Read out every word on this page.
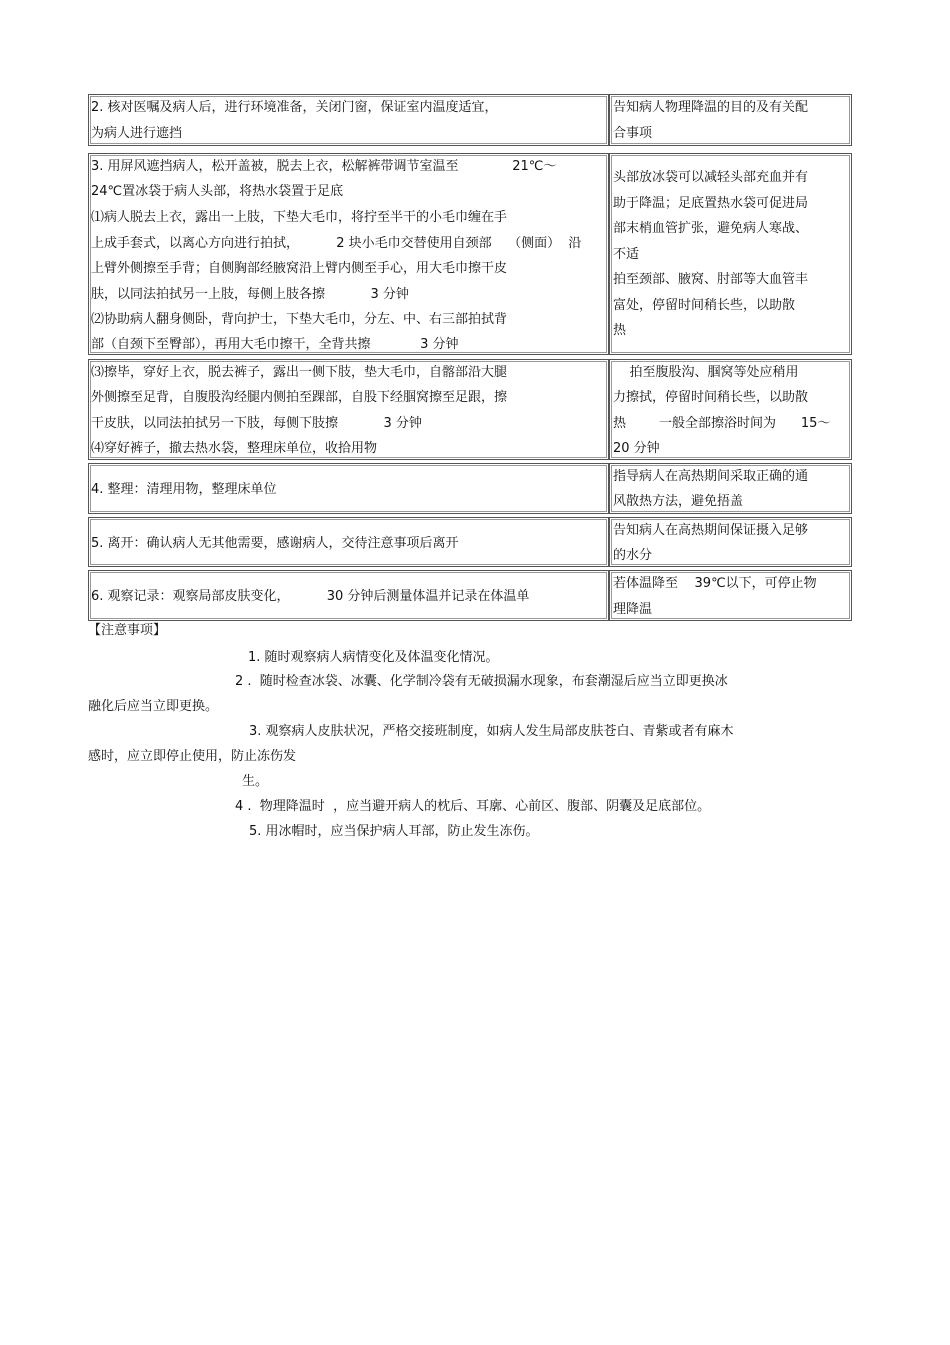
2. 核对医嘱及病人后，进行环境准备，关闭门窗，保证室内温度适宜，
为病人进行遮挡
告知病人物理降温的目的及有关配
合事项
3. 用屏风遮挡病人，松开盖被，脱去上衣，松解裤带调节室温至             21℃～
24℃置冰袋于病人头部，将热水袋置于足底
⑴病人脱去上衣，露出一上肢，下垫大毛巾，将拧至半干的小毛巾缠在手
上成手套式，以离心方向进行拍拭，         2 块小毛巾交替使用自颈部    （侧面）  沿
上臂外侧擦至手背；自侧胸部经腋窝沿上臂内侧至手心，用大毛巾擦干皮
肤，以同法拍拭另一上肢，每侧上肢各擦           3 分钟
⑵协助病人翻身侧卧，背向护士，下垫大毛巾，分左、中、右三部拍拭背
部（自颈下至臀部），再用大毛巾擦干，全背共擦            3 分钟
头部放冰袋可以减轻头部充血并有
助于降温；足底置热水袋可促进局
部末梢血管扩张，避免病人寒战、
不适
拍至颈部、腋窝、肘部等大血管丰
富处，停留时间稍长些，以助散
热
⑶擦毕，穿好上衣，脱去裤子，露出一侧下肢，垫大毛巾，自髂部沿大腿
外侧擦至足背，自腹股沟经腿内侧拍至踝部，自股下经腘窝擦至足跟，擦
干皮肤，以同法拍拭另一下肢，每侧下肢擦           3 分钟
⑷穿好裤子，撤去热水袋，整理床单位，收拾用物
拍至腹股沟、腘窝等处应稍用
力擦拭，停留时间稍长些，以助散
热        一般全部擦浴时间为      15～
20 分钟
4. 整理：清理用物，整理床单位
指导病人在高热期间采取正确的通
风散热方法，避免捂盖
5. 离开：确认病人无其他需要，感谢病人，交待注意事项后离开
告知病人在高热期间保证摄入足够
的水分
6. 观察记录：观察局部皮肤变化，         30 分钟后测量体温并记录在体温单
若体温降至    39℃以下，可停止物
理降温
【注意事项】
1. 随时观察病人病情变化及体温变化情况。
2 .  随时检查冰袋、冰囊、化学制冷袋有无破损漏水现象，布套潮湿后应当立即更换冰
融化后应当立即更换。
3. 观察病人皮肤状况，严格交接班制度，如病人发生局部皮肤苍白、青紫或者有麻木
感时，应立即停止使用，防止冻伤发
生。
4 .  物理降温时  ，应当避开病人的枕后、耳廓、心前区、腹部、阴囊及足底部位。
5. 用冰帽时，应当保护病人耳部，防止发生冻伤。
